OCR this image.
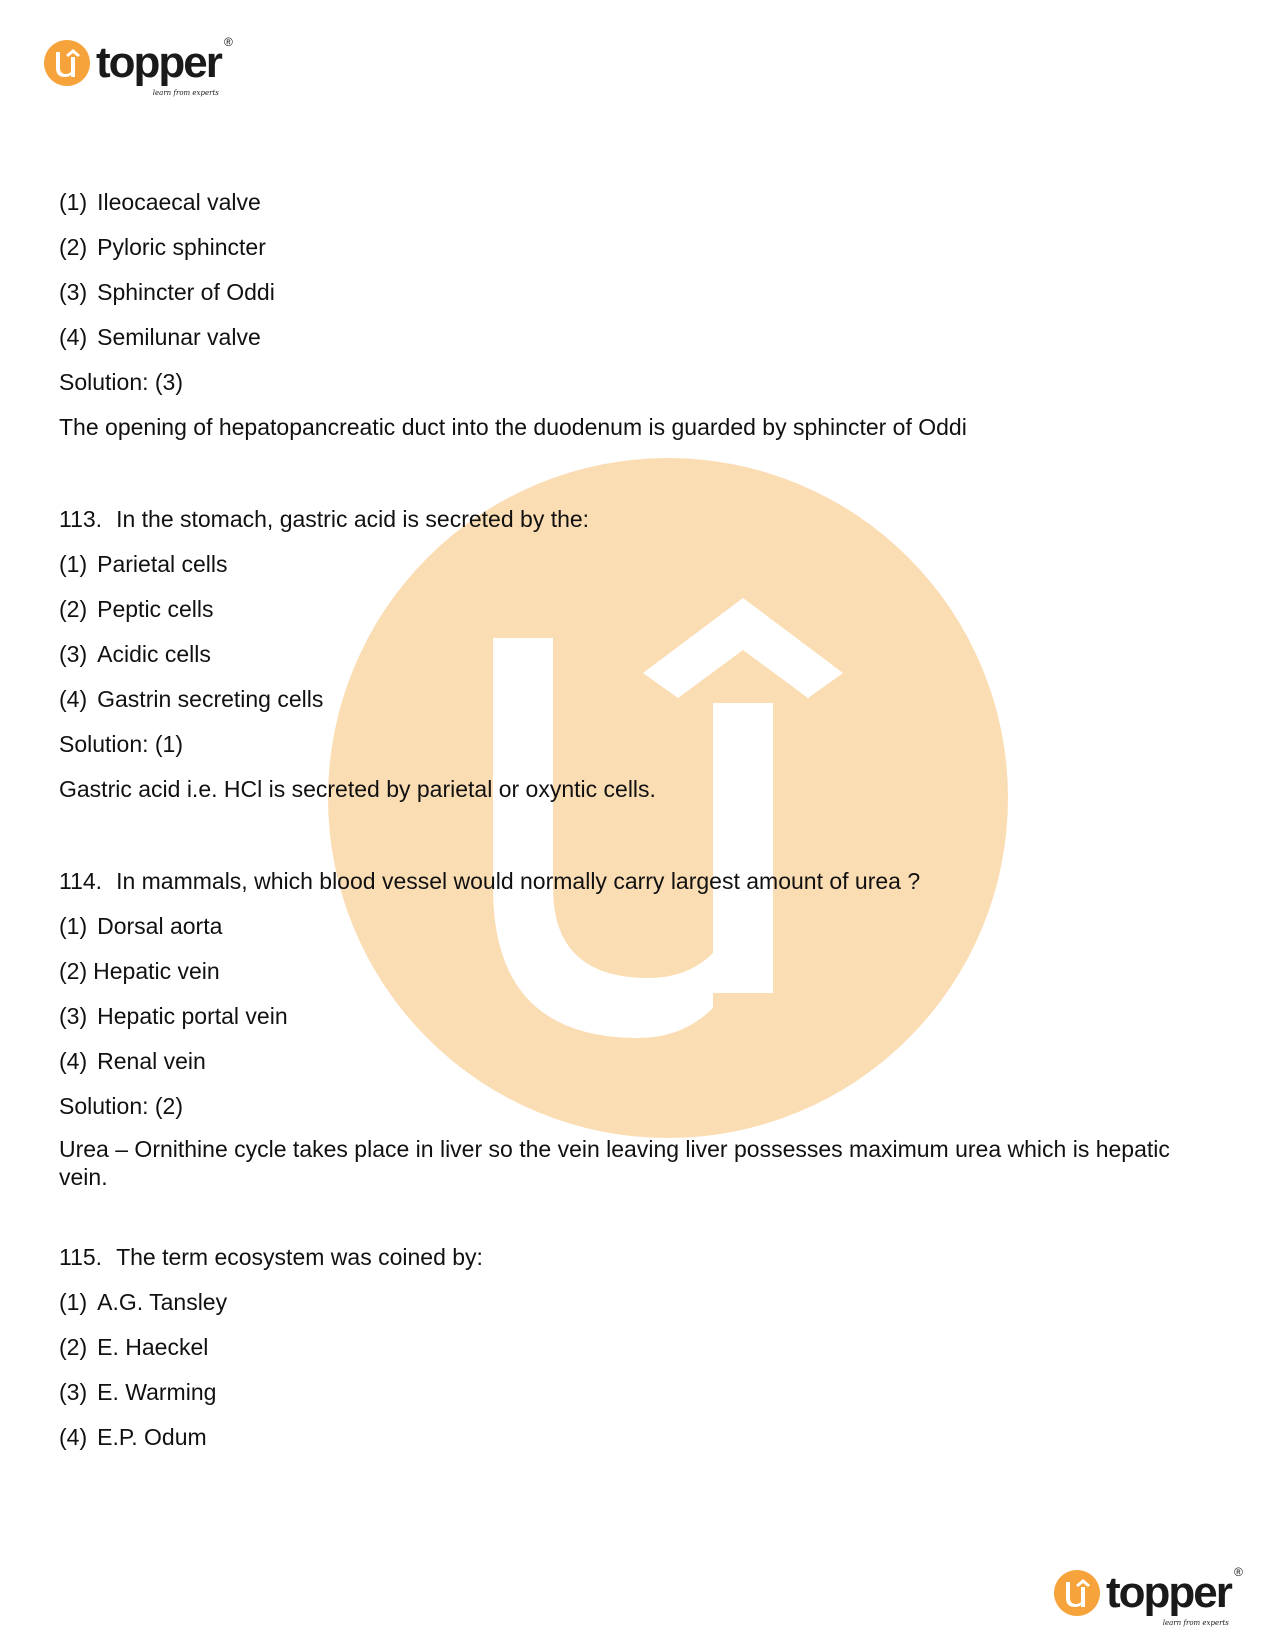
topper ®
learn from experts
(1) Ileocaecal valve
(2) Pyloric sphincter
(3) Sphincter of Oddi
(4) Semilunar valve
Solution: (3)
The opening of hepatopancreatic duct into the duodenum is guarded by sphincter of Oddi
113. In the stomach, gastric acid is secreted by the:
(1) Parietal cells
(2) Peptic cells
(3) Acidic cells
(4) Gastrin secreting cells
Solution: (1)
Gastric acid i.e. HCl is secreted by parietal or oxyntic cells.
114. In mammals, which blood vessel would normally carry largest amount of urea ?
(1) Dorsal aorta
(2) Hepatic vein
(3) Hepatic portal vein
(4) Renal vein
Solution: (2)
Urea – Ornithine cycle takes place in liver so the vein leaving liver possesses maximum urea which is hepatic vein.
115. The term ecosystem was coined by:
(1) A.G. Tansley
(2) E. Haeckel
(3) E. Warming
(4) E.P. Odum
topper ®
learn from experts
